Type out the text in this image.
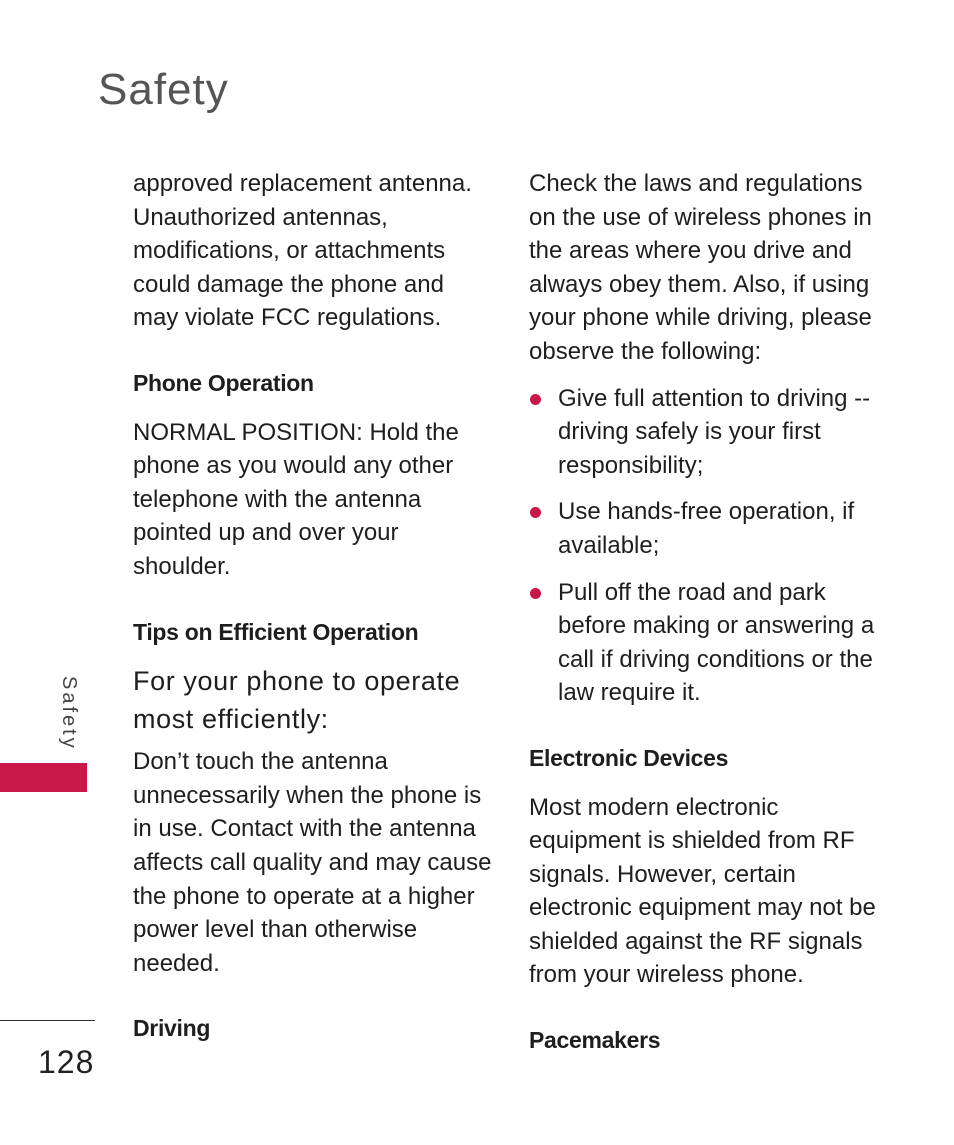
Safety

approved replacement antenna. Unauthorized antennas, modifications, or attachments could damage the phone and may violate FCC regulations.

Phone Operation

NORMAL POSITION: Hold the phone as you would any other telephone with the antenna pointed up and over your shoulder.

Tips on Efficient Operation

For your phone to operate most efficiently:

Don’t touch the antenna unnecessarily when the phone is in use. Contact with the antenna affects call quality and may cause the phone to operate at a higher power level than otherwise needed.

Driving

Check the laws and regulations on the use of wireless phones in the areas where you drive and always obey them. Also, if using your phone while driving, please observe the following:

Give full attention to driving -- driving safely is your first responsibility;
Use hands-free operation, if available;
Pull off the road and park before making or answering a call if driving conditions or the law require it.

Electronic Devices

Most modern electronic equipment is shielded from RF signals. However, certain electronic equipment may not be shielded against the RF signals from your wireless phone.

Pacemakers

Safety
128
